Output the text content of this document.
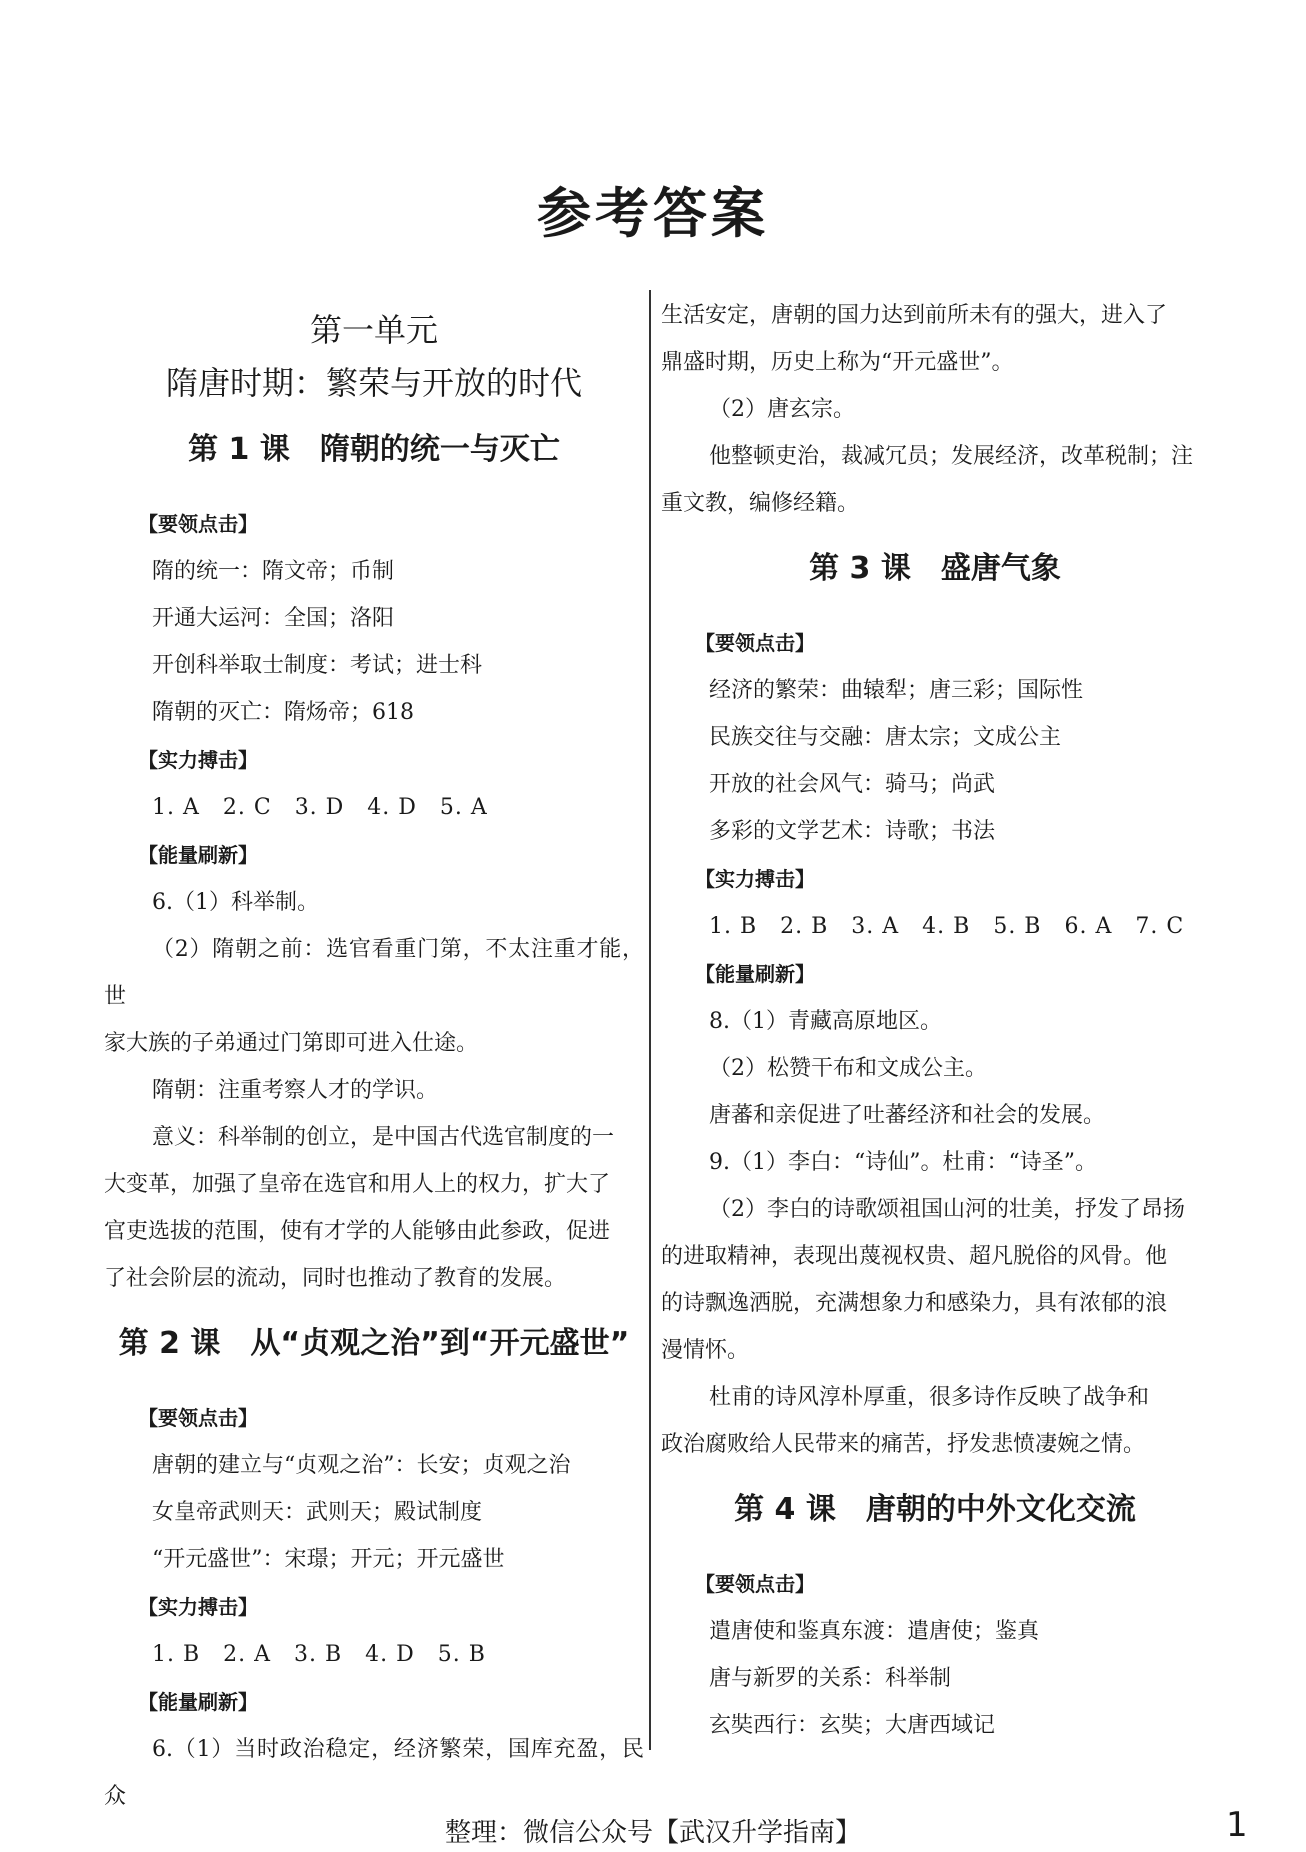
参考答案
第一单元
隋唐时期：繁荣与开放的时代
第 1 课　隋朝的统一与灭亡
【要领点击】

隋的统一：隋文帝；币制

开通大运河：全国；洛阳

开创科举取士制度：考试；进士科

隋朝的灭亡：隋炀帝；618

【实力搏击】

1. A　2. C　3. D　4. D　5. A

【能量刷新】

6.（1）科举制。

（2）隋朝之前：选官看重门第，不太注重才能，世

家大族的子弟通过门第即可进入仕途。

隋朝：注重考察人才的学识。

意义：科举制的创立，是中国古代选官制度的一

大变革，加强了皇帝在选官和用人上的权力，扩大了

官吏选拔的范围，使有才学的人能够由此参政，促进

了社会阶层的流动，同时也推动了教育的发展。

第 2 课　从“贞观之治”到“开元盛世”
【要领点击】

唐朝的建立与“贞观之治”：长安；贞观之治

女皇帝武则天：武则天；殿试制度

“开元盛世”：宋璟；开元；开元盛世

【实力搏击】

1. B　2. A　3. B　4. D　5. B

【能量刷新】

6.（1）当时政治稳定，经济繁荣，国库充盈，民众

生活安定，唐朝的国力达到前所未有的强大，进入了

鼎盛时期，历史上称为“开元盛世”。

（2）唐玄宗。

他整顿吏治，裁减冗员；发展经济，改革税制；注

重文教，编修经籍。

第 3 课　盛唐气象
【要领点击】

经济的繁荣：曲辕犁；唐三彩；国际性

民族交往与交融：唐太宗；文成公主

开放的社会风气：骑马；尚武

多彩的文学艺术：诗歌；书法

【实力搏击】

1. B　2. B　3. A　4. B　5. B　6. A　7. C

【能量刷新】

8.（1）青藏高原地区。

（2）松赞干布和文成公主。

唐蕃和亲促进了吐蕃经济和社会的发展。

9.（1）李白：“诗仙”。杜甫：“诗圣”。

（2）李白的诗歌颂祖国山河的壮美，抒发了昂扬

的进取精神，表现出蔑视权贵、超凡脱俗的风骨。他

的诗飘逸洒脱，充满想象力和感染力，具有浓郁的浪

漫情怀。

杜甫的诗风淳朴厚重，很多诗作反映了战争和

政治腐败给人民带来的痛苦，抒发悲愤凄婉之情。

第 4 课　唐朝的中外文化交流
【要领点击】

遣唐使和鉴真东渡：遣唐使；鉴真

唐与新罗的关系：科举制

玄奘西行：玄奘；大唐西域记

整理：微信公众号【武汉升学指南】	1
